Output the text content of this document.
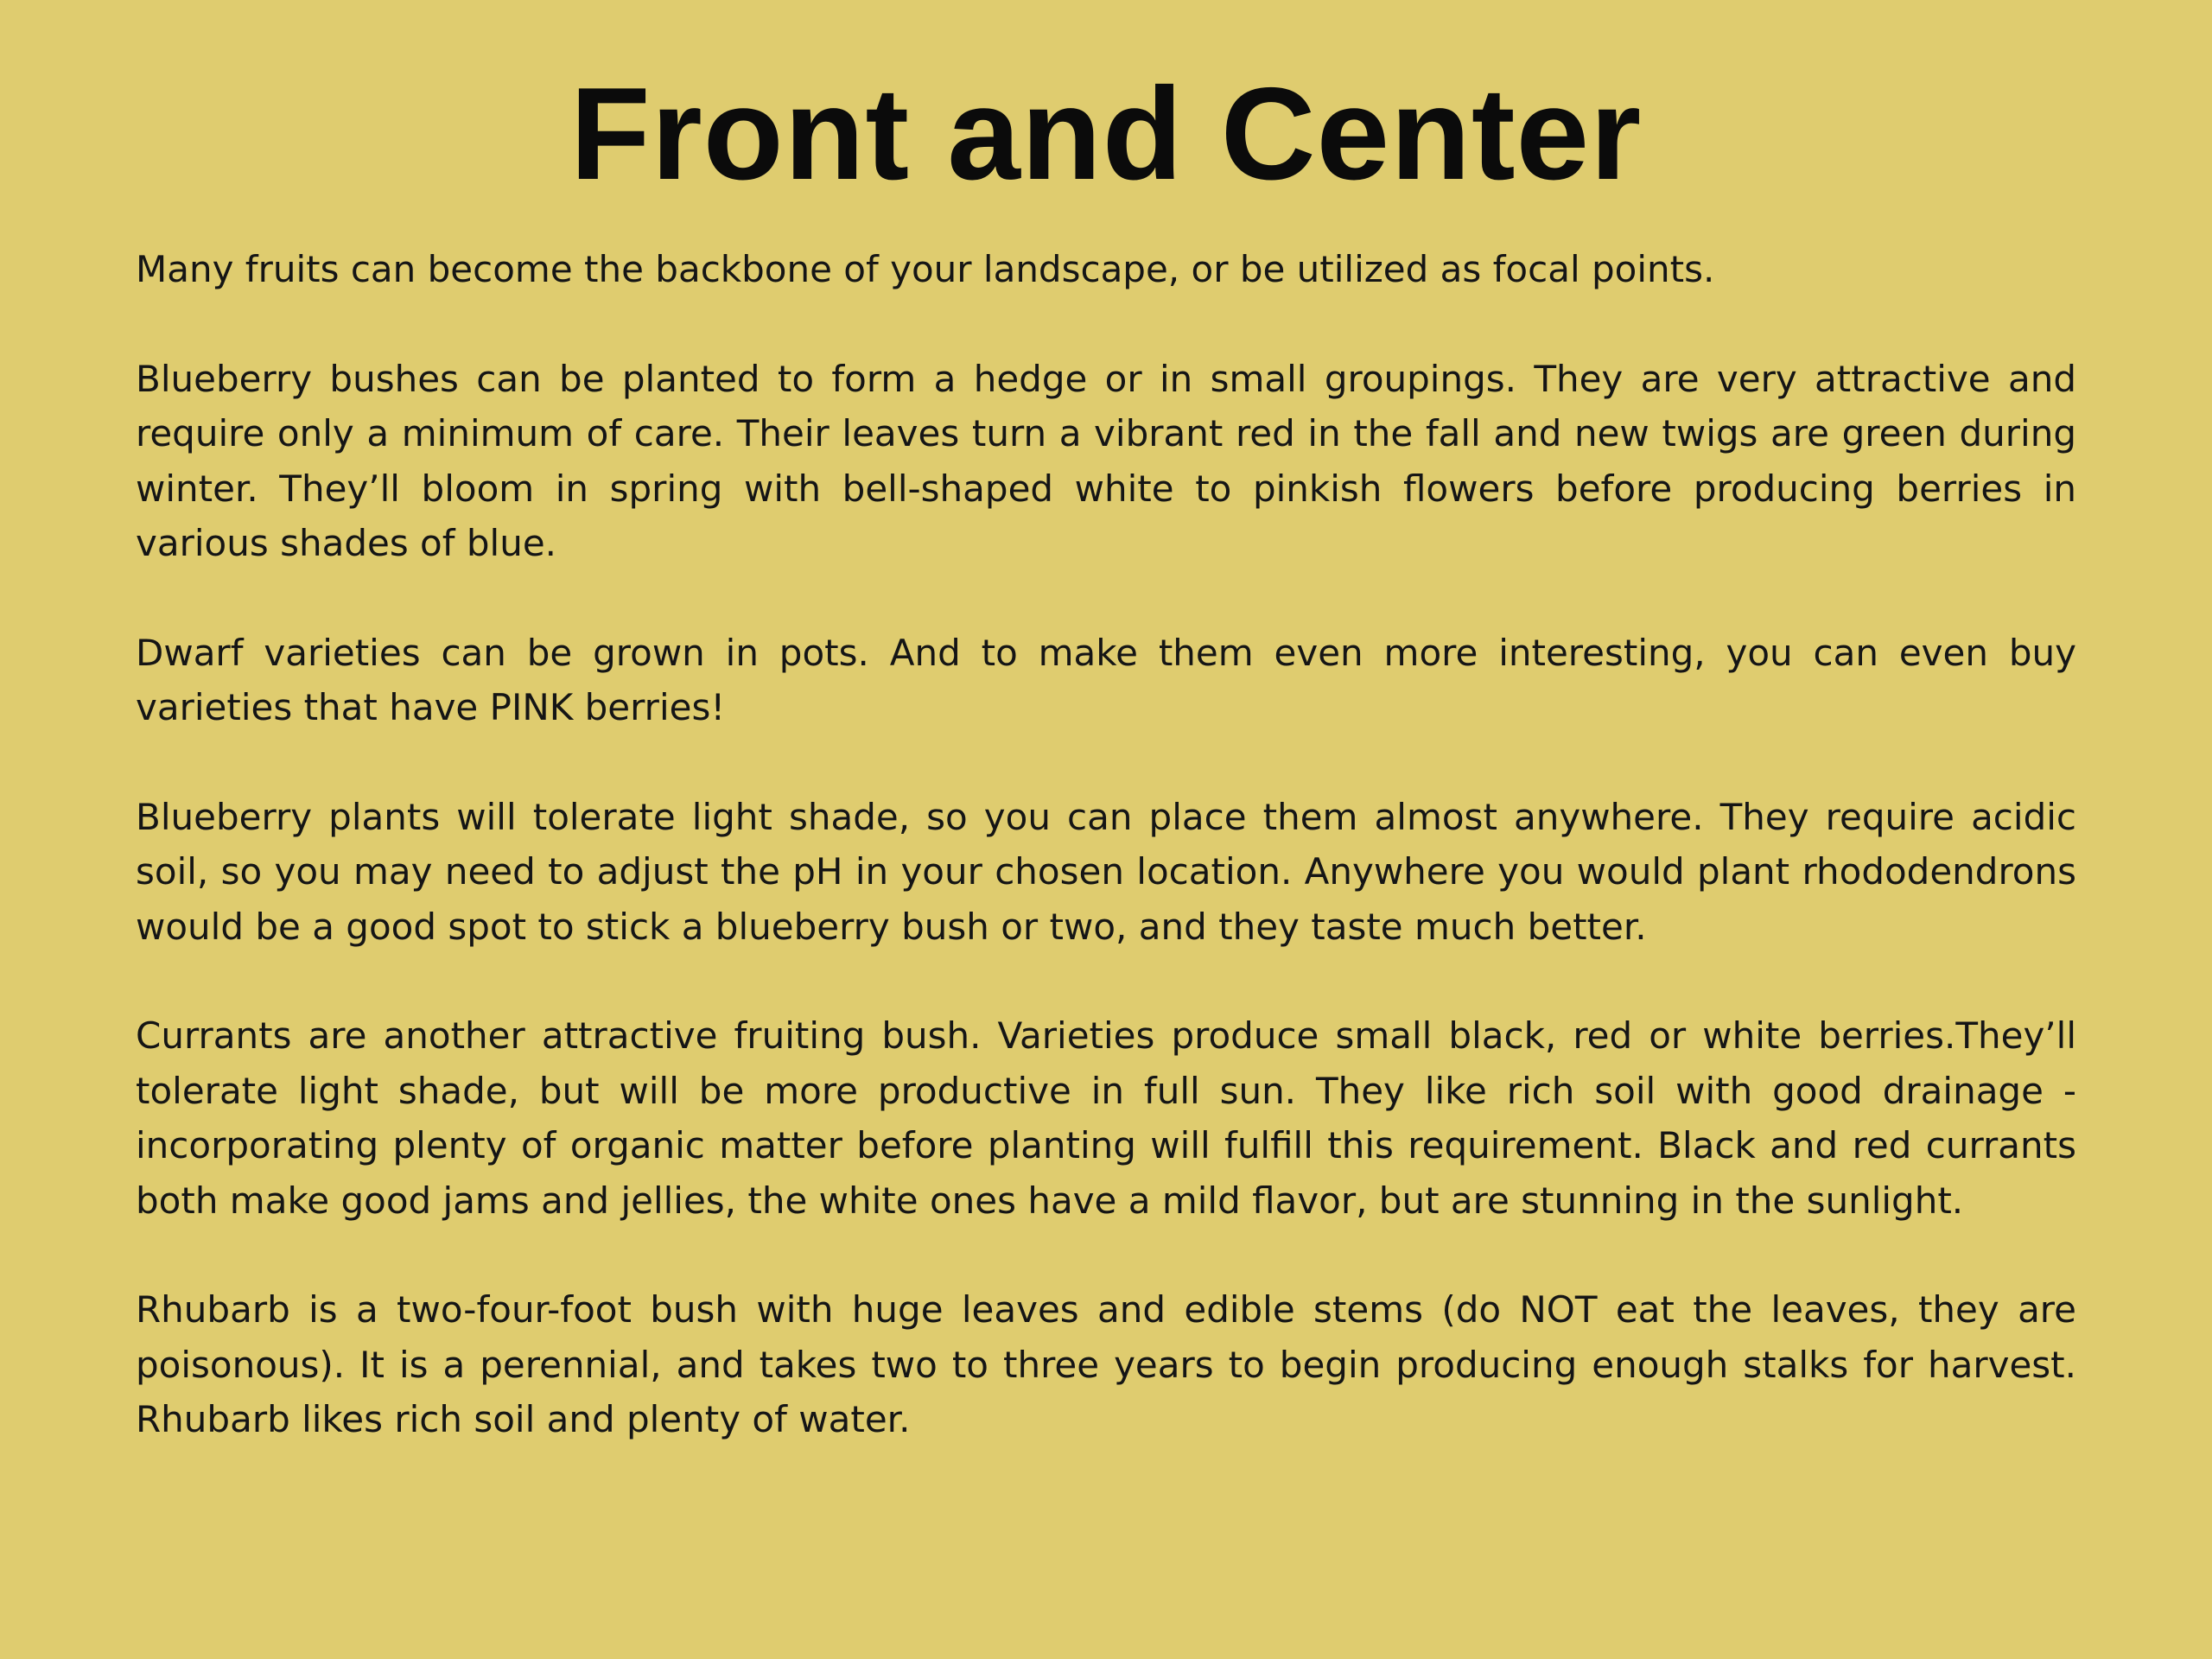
Front and Center

Many fruits can become the backbone of your landscape, or be utilized as focal points.

Blueberry bushes can be planted to form a hedge or in small groupings. They are very attractive and require only a minimum of care. Their leaves turn a vibrant red in the fall and new twigs are green during winter. They’ll bloom in spring with bell-shaped white to pinkish flowers before producing berries in various shades of blue.

Dwarf varieties can be grown in pots. And to make them even more interesting, you can even buy varieties that have PINK berries!

Blueberry plants will tolerate light shade, so you can place them almost anywhere. They require acidic soil, so you may need to adjust the pH in your chosen location. Anywhere you would plant rhododendrons would be a good spot to stick a blueberry bush or two, and they taste much better.

Currants are another attractive fruiting bush. Varieties produce small black, red or white berries.They’ll tolerate light shade, but will be more productive in full sun. They like rich soil with good drainage - incorporating plenty of organic matter before planting will fulfill this requirement. Black and red currants both make good jams and jellies, the white ones have a mild flavor, but are stunning in the sunlight.

Rhubarb is a two-four-foot bush with huge leaves and edible stems (do NOT eat the leaves, they are poisonous). It is a perennial, and takes two to three years to begin producing enough stalks for harvest. Rhubarb likes rich soil and plenty of water.
